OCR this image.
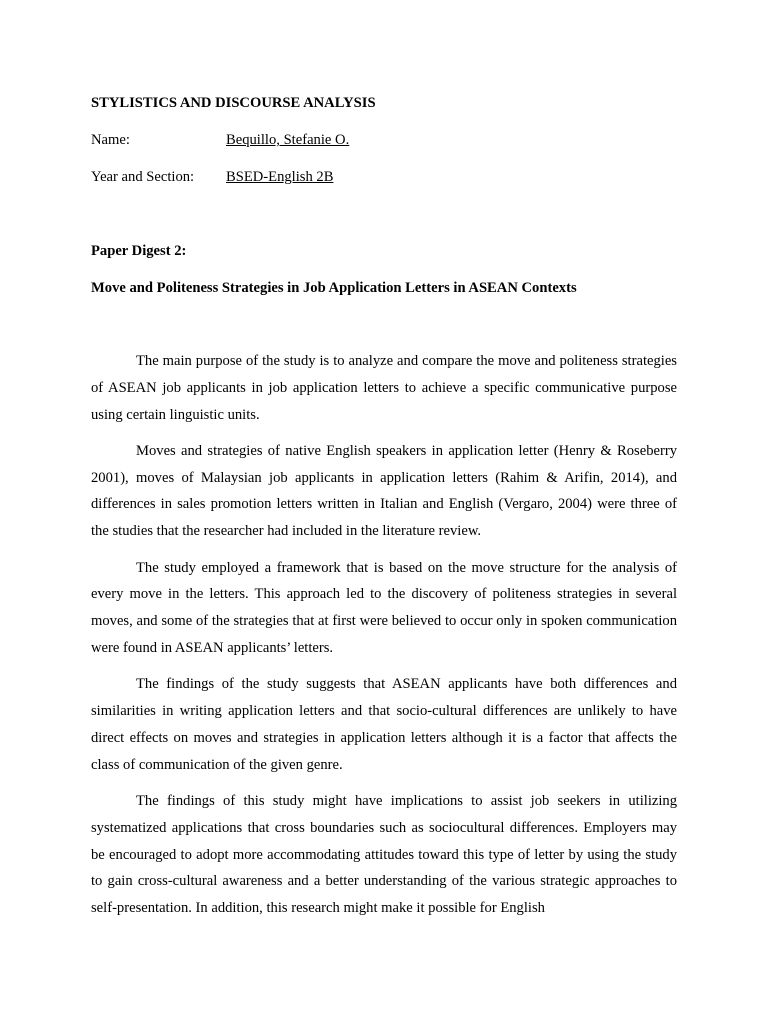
STYLISTICS AND DISCOURSE ANALYSIS
Name:	Bequillo, Stefanie O.
Year and Section: BSED-English 2B
Paper Digest 2:
Move and Politeness Strategies in Job Application Letters in ASEAN Contexts

The main purpose of the study is to analyze and compare the move and politeness strategies of ASEAN job applicants in job application letters to achieve a specific communicative purpose using certain linguistic units.

Moves and strategies of native English speakers in application letter (Henry & Roseberry 2001), moves of Malaysian job applicants in application letters (Rahim & Arifin, 2014), and differences in sales promotion letters written in Italian and English (Vergaro, 2004) were three of the studies that the researcher had included in the literature review.

The study employed a framework that is based on the move structure for the analysis of every move in the letters. This approach led to the discovery of politeness strategies in several moves, and some of the strategies that at first were believed to occur only in spoken communication were found in ASEAN applicants’ letters.

The findings of the study suggests that ASEAN applicants have both differences and similarities in writing application letters and that socio-cultural differences are unlikely to have direct effects on moves and strategies in application letters although it is a factor that affects the class of communication of the given genre.

The findings of this study might have implications to assist job seekers in utilizing systematized applications that cross boundaries such as sociocultural differences. Employers may be encouraged to adopt more accommodating attitudes toward this type of letter by using the study to gain cross-cultural awareness and a better understanding of the various strategic approaches to self-presentation. In addition, this research might make it possible for English
